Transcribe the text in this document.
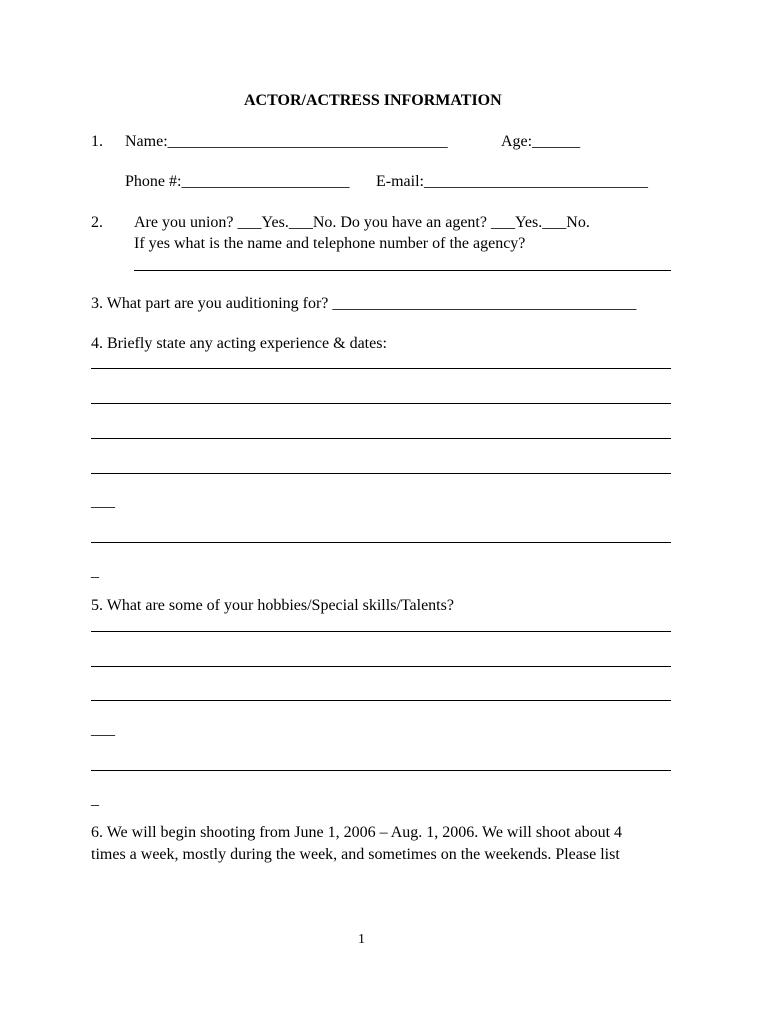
ACTOR/ACTRESS INFORMATION
1. Name:___________________________________	Age:______
Phone #:_____________________ E-mail:____________________________
2. Are you union? ___Yes.___No. Do you have an agent? ___Yes.___No.
If yes what is the name and telephone number of the agency?
3. What part are you auditioning for? ______________________________________
4. Briefly state any acting experience & dates:
___
_
5. What are some of your hobbies/Special skills/Talents?
___
_
6. We will begin shooting from June 1, 2006 – Aug. 1, 2006. We will shoot about 4
times a week, mostly during the week, and sometimes on the weekends. Please list
1
